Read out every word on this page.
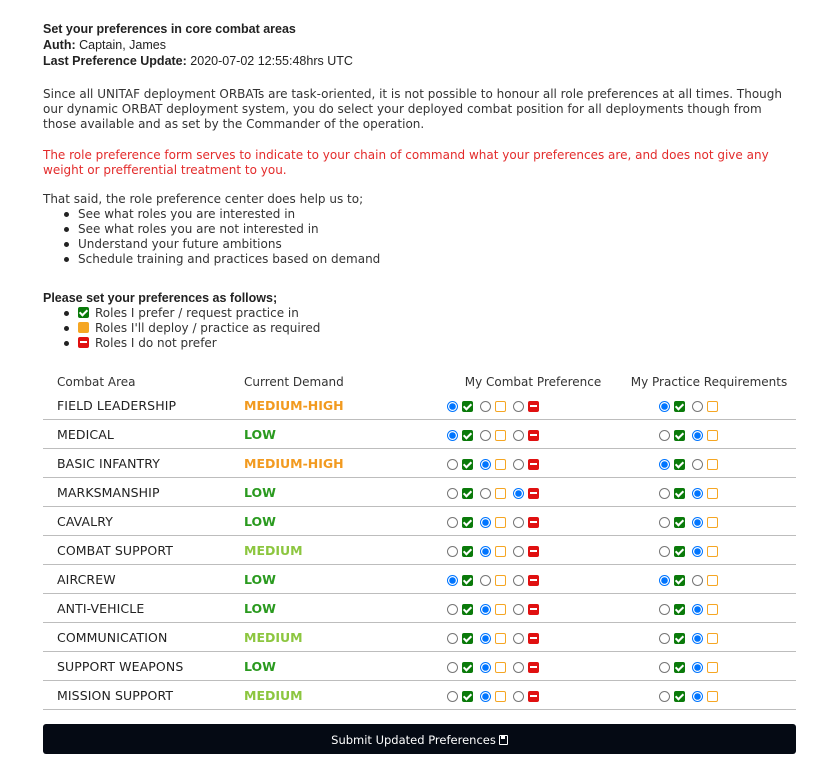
Set your preferences in core combat areas
Auth: Captain, James
Last Preference Update: 2020-07-02 12:55:48hrs UTC
Since all UNITAF deployment ORBATs are task-oriented, it is not possible to honour all role preferences at all times. Though our dynamic ORBAT deployment system, you do select your deployed combat position for all deployments though from those available and as set by the Commander of the operation.
The role preference form serves to indicate to your chain of command what your preferences are, and does not give any weight or prefferential treatment to you.
That said, the role preference center does help us to;
See what roles you are interested in
See what roles you are not interested in
Understand your future ambitions
Schedule training and practices based on demand
Please set your preferences as follows;
Roles I prefer / request practice in
Roles I'll deploy / practice as required
Roles I do not prefer
Combat Area	Current Demand	My Combat Preference	My Practice Requirements
FIELD LEADERSHIP	MEDIUM-HIGH		
MEDICAL	LOW		
BASIC INFANTRY	MEDIUM-HIGH		
MARKSMANSHIP	LOW		
CAVALRY	LOW		
COMBAT SUPPORT	MEDIUM		
AIRCREW	LOW		
ANTI-VEHICLE	LOW		
COMMUNICATION	MEDIUM		
SUPPORT WEAPONS	LOW		
MISSION SUPPORT	MEDIUM		
Submit Updated Preferences
